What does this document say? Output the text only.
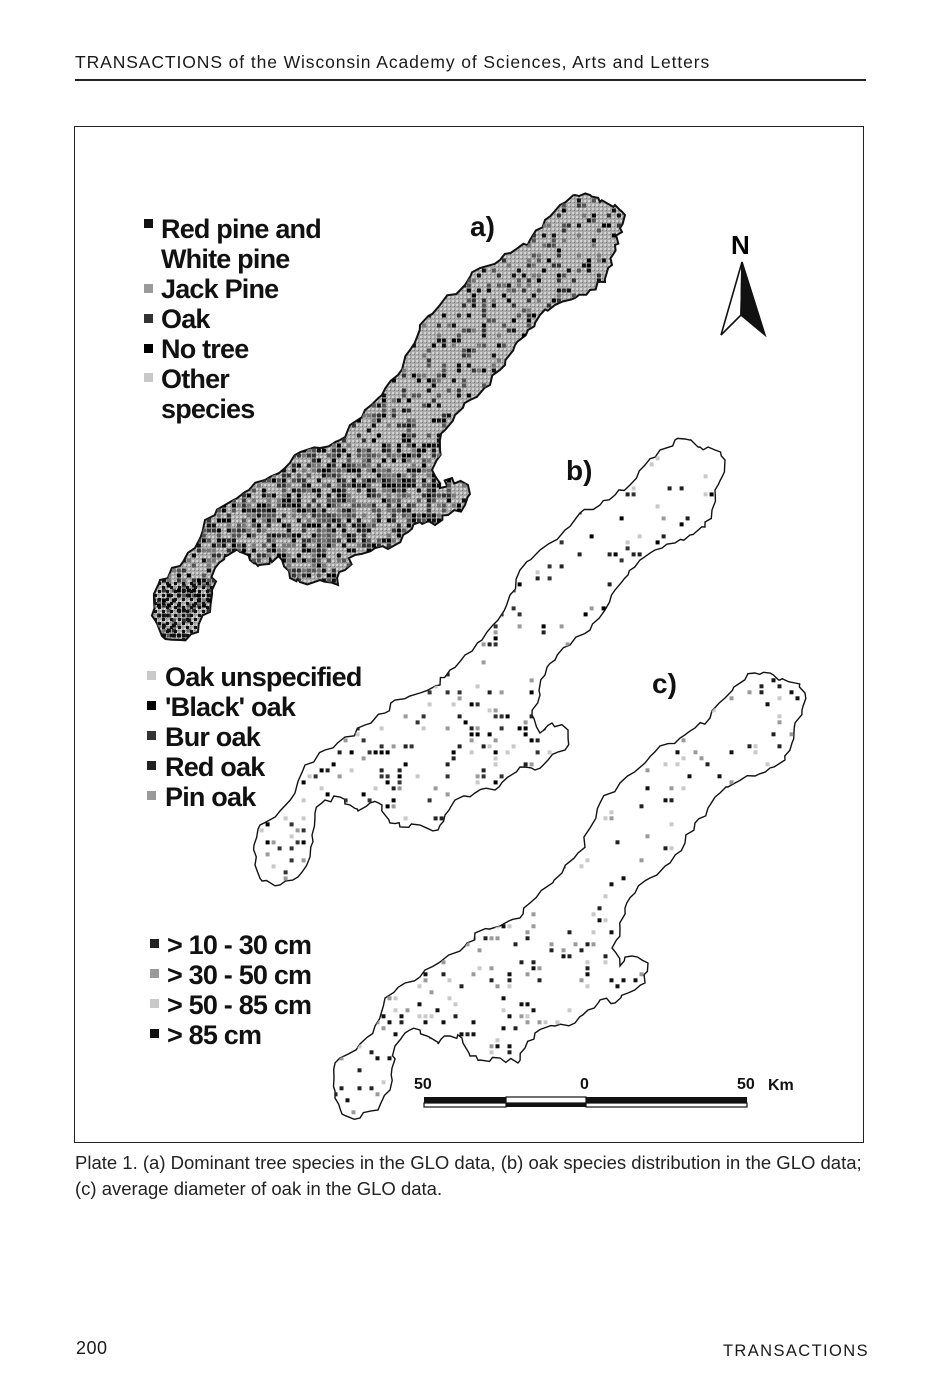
TRANSACTIONS of the Wisconsin Academy of Sciences, Arts and Letters
a)
b)
c)
N
Red pine and
White pine
Jack Pine
Oak
No tree
Other
species
Oak unspecified
'Black' oak
Bur oak
Red oak
Pin oak
> 10 - 30 cm
> 30 - 50 cm
> 50 - 85 cm
> 85 cm
50	0	50 Km
Plate 1. (a) Dominant tree species in the GLO data, (b) oak species distribution in the GLO data; (c) average diameter of oak in the GLO data.
200	TRANSACTIONS
